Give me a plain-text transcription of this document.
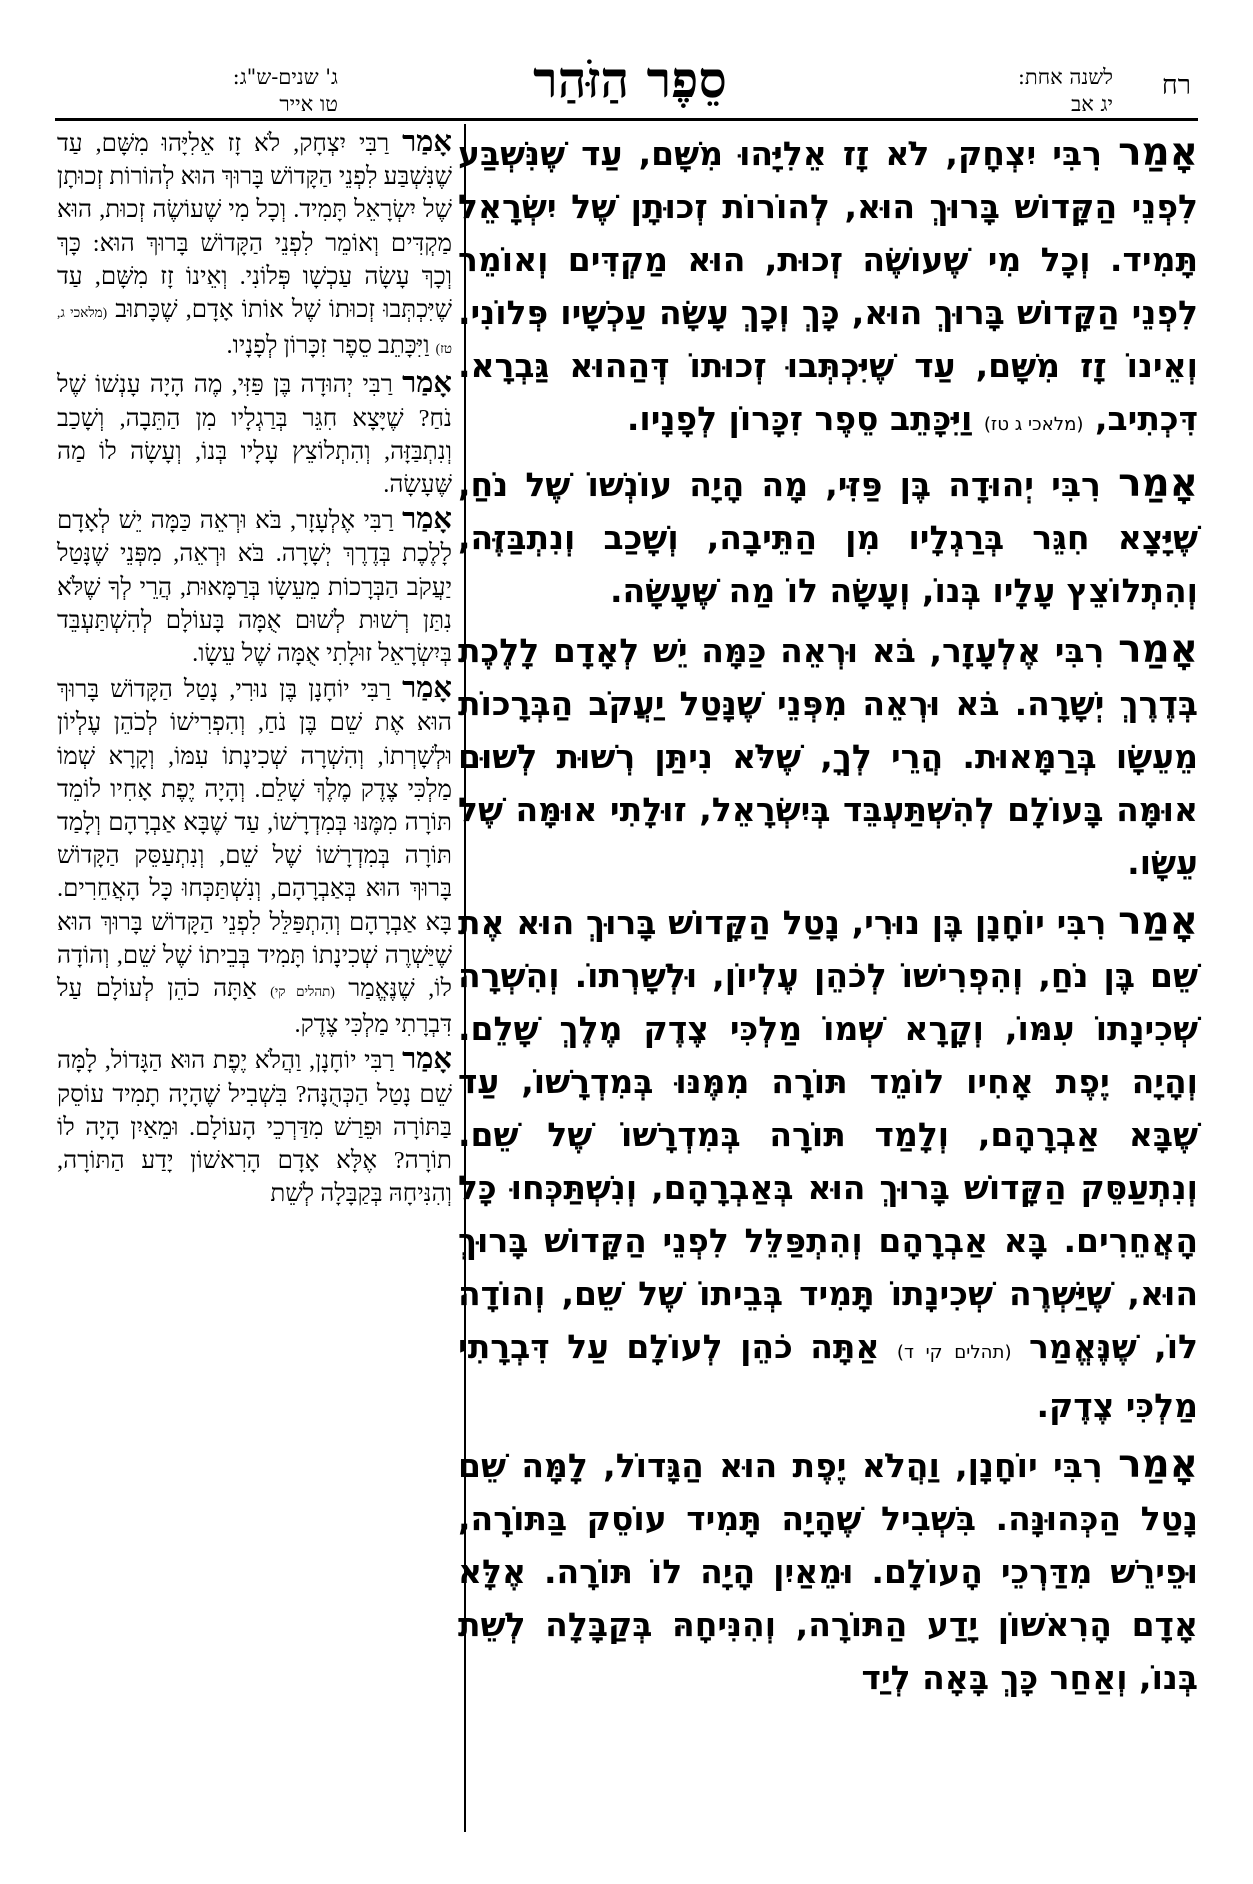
רח
לשנה אחת:
יג אב
סֵפֶר הַזֹּהַר
ג' שנים-ש"ג:
טו אייר

אָמַר רִבִּי יִצְחָק, לֹא זָז אֵלִיָּהוּ מִשָּׁם, עַד שֶׁנִּשְׁבַּע לִפְנֵי הַקָּדוֹשׁ בָּרוּךְ הוּא, לְהוֹרוֹת זְכוּתָן שֶׁל יִשְׂרָאֵל תָּמִיד. וְכָל מִי שֶׁעוֹשֶׂה זְכוּת, הוּא מַקְדִּים וְאוֹמֵר לִפְנֵי הַקָּדוֹשׁ בָּרוּךְ הוּא, כָּךְ וְכָךְ עָשָׂה עַכְשָׁיו פְּלוֹנִי. וְאֵינוֹ זָז מִשָּׁם, עַד שֶׁיִּכְתְּבוּ זְכוּתוֹ דְּהַהוּא גַּבְרָא. דִּכְתִיב, (מלאכי ג טז) וַיִּכָּתֵב סֵפֶר זִכָּרוֹן לְפָנָיו.

אָמַר רִבִּי יְהוּדָה בֶּן פַּזִּי, מָה הָיָה עוֹנְשׁוֹ שֶׁל נֹחַ, שֶׁיָּצָא חִגֵּר בְּרַגְלָיו מִן הַתֵּיבָה, וְשָׁכַב וְנִתְבַּזֶּה, וְהִתְלוֹצֵץ עָלָיו בְּנוֹ, וְעָשָׂה לוֹ מַה שֶּׁעָשָׂה.

אָמַר רִבִּי אֶלְעָזָר, בֹּא וּרְאֵה כַּמָּה יֵשׁ לְאָדָם לָלֶכֶת בְּדֶרֶךְ יְשָׁרָה. בֹּא וּרְאֵה מִפְּנֵי שֶׁנָּטַל יַעֲקֹב הַבְּרָכוֹת מֵעֵשָׂו בְּרַמָּאוּת. הֲרֵי לְךָ, שֶׁלֹּא נִיתַּן רְשׁוּת לְשׁוּם אוּמָּה בָּעוֹלָם לְהִשְׁתַּעְבֵּד בְּיִשְׂרָאֵל, זוּלָתִי אוּמָּה שֶׁל עֵשָׂו.

אָמַר רִבִּי יוֹחָנָן בֶּן נוּרִי, נָטַל הַקָּדוֹשׁ בָּרוּךְ הוּא אֶת שֵׁם בֶּן נֹחַ, וְהִפְרִישׁוֹ לְכֹהֵן עֶלְיוֹן, וּלְשָׁרְתוֹ. וְהִשְׁרָה שְׁכִינָתוֹ עִמּוֹ, וְקָרָא שְׁמוֹ מַלְכִּי צֶדֶק מֶלֶךְ שָׁלֵם. וְהָיָה יֶפֶת אָחִיו לוֹמֵד תּוֹרָה מִמֶּנּוּ בְּמִדְרָשׁוֹ, עַד שֶׁבָּא אַבְרָהָם, וְלָמַד תּוֹרָה בְּמִדְרָשׁוֹ שֶׁל שֵׁם. וְנִתְעַסֵּק הַקָּדוֹשׁ בָּרוּךְ הוּא בְּאַבְרָהָם, וְנִשְׁתַּכְּחוּ כָּל הָאֲחֵרִים. בָּא אַבְרָהָם וְהִתְפַּלֵּל לִפְנֵי הַקָּדוֹשׁ בָּרוּךְ הוּא, שֶׁיַּשְׁרֶה שְׁכִינָתוֹ תָּמִיד בְּבֵיתוֹ שֶׁל שֵׁם, וְהוֹדָה לוֹ, שֶׁנֶּאֱמַר (תהלים קי ד) אַתָּה כֹהֵן לְעוֹלָם עַל דִּבְרָתִי מַלְכִּי צֶדֶק.

אָמַר רִבִּי יוֹחָנָן, וַהֲלֹא יֶפֶת הוּא הַגָּדוֹל, לָמָּה שֵׁם נָטַל הַכְּהוּנָּה. בִּשְׁבִיל שֶׁהָיָה תָּמִיד עוֹסֵק בַּתּוֹרָה, וּפֵירֵשׁ מִדַּרְכֵי הָעוֹלָם. וּמֵאַיִן הָיָה לוֹ תּוֹרָה. אֶלָּא אָדָם הָרִאשׁוֹן יָדַע הַתּוֹרָה, וְהִנִּיחָהּ בְּקַבָּלָה לְשֵׁת בְּנוֹ, וְאַחַר כָּךְ בָּאָה לְיַד

אָמַר רַבִּי יִצְחָק, לֹא זָז אֵלִיָּהוּ מִשָּׁם, עַד שֶׁנִּשְׁבַּע לִפְנֵי הַקָּדוֹשׁ בָּרוּךְ הוּא לְהוֹרוֹת זְכוּתָן שֶׁל יִשְׂרָאֵל תָּמִיד. וְכָל מִי שֶׁעוֹשֶׂה זְכוּת, הוּא מַקְדִּים וְאוֹמֵר לִפְנֵי הַקָּדוֹשׁ בָּרוּךְ הוּא: כָּךְ וְכָךְ עָשָׂה עַכְשָׁו פְּלוֹנִי. וְאֵינוֹ זָז מִשָּׁם, עַד שֶׁיִּכְתְּבוּ זְכוּתוֹ שֶׁל אוֹתוֹ אָדָם, שֶׁכָּתוּב (מלאכי ג, טז) וַיִּכָּתֵב סֵפֶר זִכָּרוֹן לְפָנָיו.

אָמַר רַבִּי יְהוּדָה בֶּן פַּזִּי, מֶה הָיָה עָנְשׁוֹ שֶׁל נֹחַ? שֶׁיָּצָא חִגֵּר בְּרַגְלָיו מִן הַתֵּבָה, וְשָׁכַב וְנִתְבַּזָּה, וְהִתְלוֹצֵץ עָלָיו בְּנוֹ, וְעָשָׂה לוֹ מַה שֶּׁעָשָׂה.

אָמַר רַבִּי אֶלְעָזָר, בֹּא וּרְאֵה כַּמָּה יֵשׁ לְאָדָם לָלֶכֶת בְּדֶרֶךְ יְשָׁרָה. בֹּא וּרְאֵה, מִפְּנֵי שֶׁנָּטַל יַעֲקֹב הַבְּרָכוֹת מֵעֵשָׂו בְּרַמָּאוּת, הֲרֵי לְךָ שֶׁלֹּא נִתַּן רְשׁוּת לְשׁוּם אֻמָּה בָּעוֹלָם לְהִשְׁתַּעְבֵּד בְּיִשְׂרָאֵל זוּלָתִי אֻמָּה שֶׁל עֵשָׂו.

אָמַר רַבִּי יוֹחָנָן בֶּן נוּרִי, נָטַל הַקָּדוֹשׁ בָּרוּךְ הוּא אֶת שֵׁם בֶּן נֹחַ, וְהִפְרִישׁוֹ לְכֹהֵן עֶלְיוֹן וּלְשָׁרְתוֹ, וְהִשְׁרָה שְׁכִינָתוֹ עִמּוֹ, וְקָרָא שְׁמוֹ מַלְכִּי צֶדֶק מֶלֶךְ שָׁלֵם. וְהָיָה יֶפֶת אָחִיו לוֹמֵד תּוֹרָה מִמֶּנּוּ בְּמִדְרָשׁוֹ, עַד שֶׁבָּא אַבְרָהָם וְלָמַד תּוֹרָה בְּמִדְרָשׁוֹ שֶׁל שֵׁם, וְנִתְעַסֵּק הַקָּדוֹשׁ בָּרוּךְ הוּא בְּאַבְרָהָם, וְנִשְׁתַּכְּחוּ כָּל הָאֲחֵרִים. בָּא אַבְרָהָם וְהִתְפַּלֵּל לִפְנֵי הַקָּדוֹשׁ בָּרוּךְ הוּא שֶׁיַּשְׁרֶה שְׁכִינָתוֹ תָּמִיד בְּבֵיתוֹ שֶׁל שֵׁם, וְהוֹדָה לוֹ, שֶׁנֶּאֱמַר (תהלים קי) אַתָּה כֹהֵן לְעוֹלָם עַל דִּבְרָתִי מַלְכִּי צֶדֶק.

אָמַר רַבִּי יוֹחָנָן, וַהֲלֹא יֶפֶת הוּא הַגָּדוֹל, לָמָּה שֵׁם נָטַל הַכְּהֻנָּה? בִּשְׁבִיל שֶׁהָיָה תָמִיד עוֹסֵק בַּתּוֹרָה וּפֵרַשׁ מִדַּרְכֵי הָעוֹלָם. וּמֵאַיִן הָיָה לוֹ תוֹרָה? אֶלָּא אָדָם הָרִאשׁוֹן יָדַע הַתּוֹרָה, וְהִנִּיחָהּ בְּקַבָּלָה לְשֵׁת
